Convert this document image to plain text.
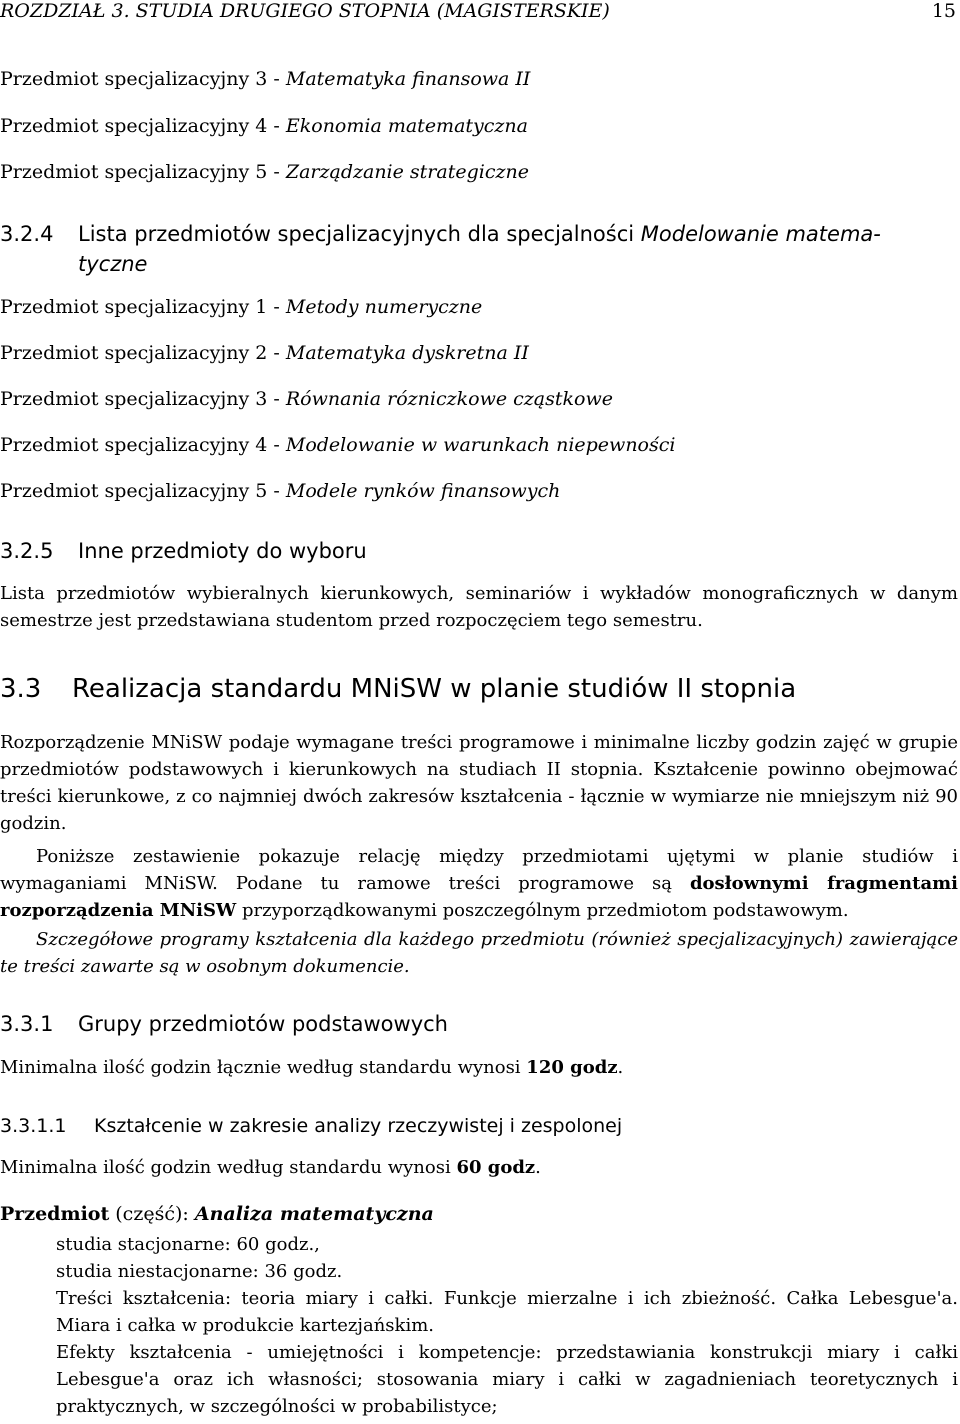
ROZDZIAŁ 3. STUDIA DRUGIEGO STOPNIA (MAGISTERSKIE)	15
Przedmiot specjalizacyjny 3 - Matematyka finansowa II
Przedmiot specjalizacyjny 4 - Ekonomia matematyczna
Przedmiot specjalizacyjny 5 - Zarządzanie strategiczne
3.2.4 Lista przedmiotów specjalizacyjnych dla specjalności Modelowanie matema-
tyczne
Przedmiot specjalizacyjny 1 - Metody numeryczne
Przedmiot specjalizacyjny 2 - Matematyka dyskretna II
Przedmiot specjalizacyjny 3 - Równania rózniczkowe cząstkowe
Przedmiot specjalizacyjny 4 - Modelowanie w warunkach niepewności
Przedmiot specjalizacyjny 5 - Modele rynków finansowych
3.2.5 Inne przedmioty do wyboru
Lista przedmiotów wybieralnych kierunkowych, seminariów i wykładów monograficznych w danym semestrze jest przedstawiana studentom przed rozpoczęciem tego semestru.
3.3 Realizacja standardu MNiSW w planie studiów II stopnia
Rozporządzenie MNiSW podaje wymagane treści programowe i minimalne liczby godzin zajęć w grupie przedmiotów podstawowych i kierunkowych na studiach II stopnia. Kształcenie powinno obejmować treści kierunkowe, z co najmniej dwóch zakresów kształcenia - łącznie w wymiarze nie mniejszym niż 90 godzin.
Poniższe zestawienie pokazuje relację między przedmiotami ujętymi w planie studiów i wymaganiami MNiSW. Podane tu ramowe treści programowe są dosłownymi fragmentami rozporządzenia MNiSW przyporządkowanymi poszczególnym przedmiotom podstawowym.
Szczegółowe programy kształcenia dla każdego przedmiotu (również specjalizacyjnych) zawierające te treści zawarte są w osobnym dokumencie.
3.3.1 Grupy przedmiotów podstawowych
Minimalna ilość godzin łącznie według standardu wynosi 120 godz.
3.3.1.1 Kształcenie w zakresie analizy rzeczywistej i zespolonej
Minimalna ilość godzin według standardu wynosi 60 godz.
Przedmiot (część): Analiza matematyczna
studia stacjonarne: 60 godz.,
studia niestacjonarne: 36 godz.
Treści kształcenia: teoria miary i całki. Funkcje mierzalne i ich zbieżność. Całka Lebesgue'a. Miara i całka w produkcie kartezjańskim.
Efekty kształcenia - umiejętności i kompetencje: przedstawiania konstrukcji miary i całki Lebesgue'a oraz ich własności; stosowania miary i całki w zagadnieniach teoretycznych i praktycznych, w szczególności w probabilistyce;
